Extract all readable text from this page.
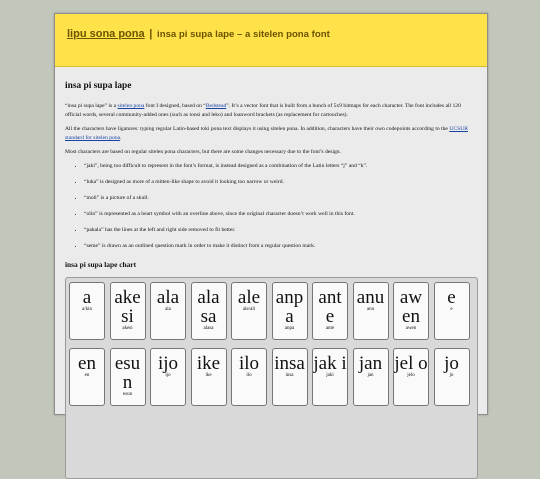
lipu sona pona | insa pi supa lape – a sitelen pona font
insa pi supa lape

“insa pi supa lape” is a sitelen pona font I designed, based on “Bedstead”. It’s a vector font that is built from a bunch of 5x9 bitmaps for each character. The font includes all 120 official words, several community-added ones (such as tonsi and leko) and loanword brackets (as replacement for cartouches).

All the characters have ligatures: typing regular Latin-based toki pona text displays it using sitelen pona. In addition, characters have their own codepoints according to the UCSUR standard for sitelen pona.

Most characters are based on regular sitelen pona characters, but there are some changes necessary due to the font’s design.

• “jaki”, being too difficult to represent in the font’s format, is instead designed as a combination of the Latin letters “j” and “k”.
• “luka” is designed as more of a mitten-like shape to avoid it looking too narrow or weird.
• “moli” is a picture of a skull.
• “olin” is represented as a heart symbol with an overline above, since the original character doesn’t work well in this font.
• “pakala” has the lines at the left and right side removed to fit better.
• “seme” is drawn as an outlined question mark in order to make it distinct from a regular question mark.
insa pi supa lape chart
a
a/kin
ake si
akesi
ala
ala
ala sa
alasa
ale
ale/ali
anp a
anpa
ant e
ante
anu
anu
aw en
awen
e
e
en
en
esu n
esun
ijo
ijo
ike
ike
ilo
ilo
insa
insa
jak i
jaki
jan
jan
jel o
jelo
jo
jo
